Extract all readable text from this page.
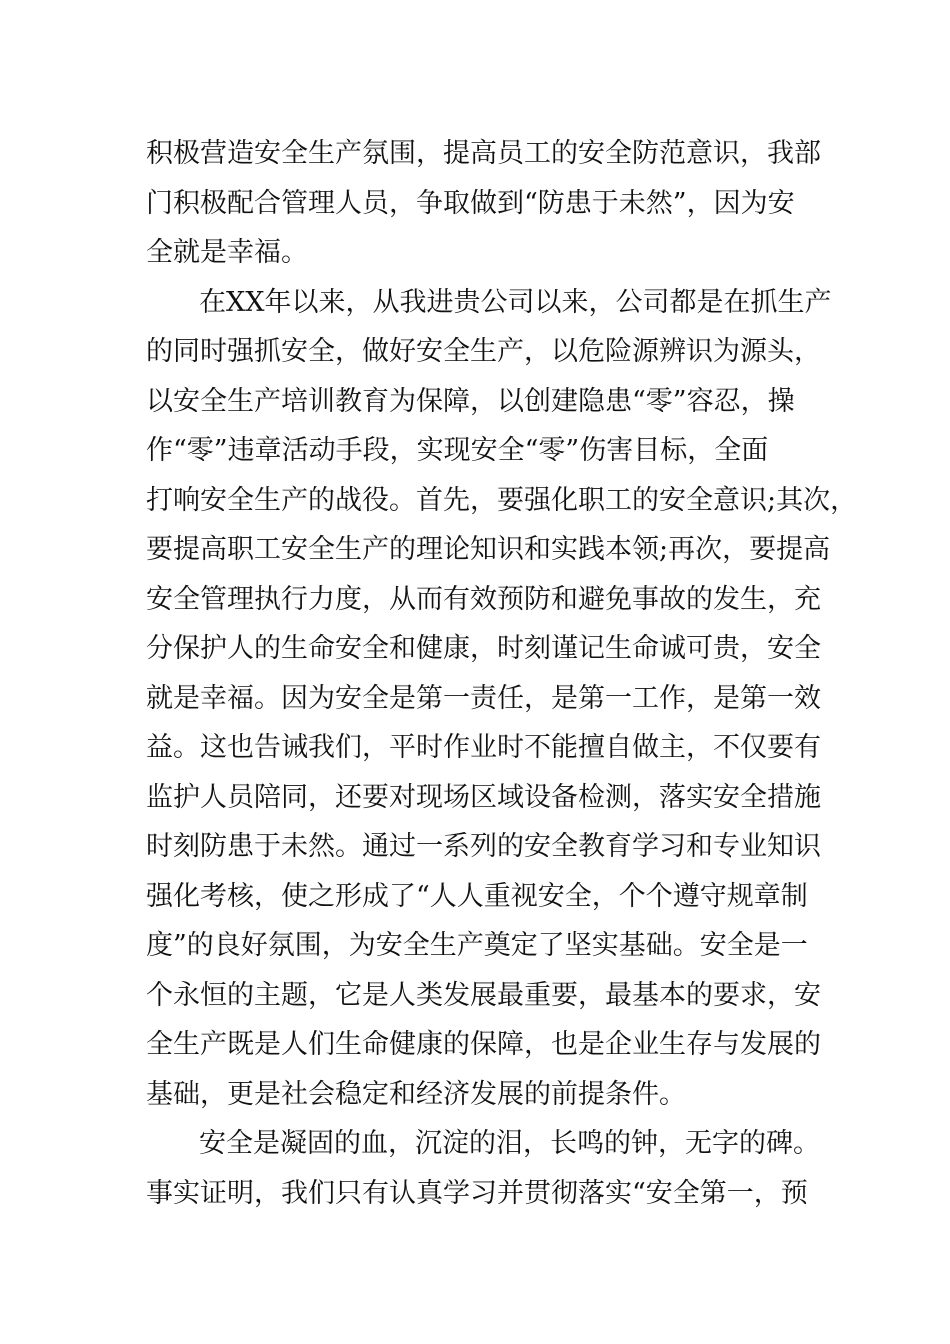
积极营造安全生产氛围，提高员工的安全防范意识，我部
门积极配合管理人员，争取做到“防患于未然”，因为安
全就是幸福。
在XX年以来，从我进贵公司以来，公司都是在抓生产
的同时强抓安全，做好安全生产，以危险源辨识为源头，
以安全生产培训教育为保障，以创建隐患“零”容忍，操
作“零”违章活动手段，实现安全“零”伤害目标，全面
打响安全生产的战役。首先，要强化职工的安全意识;其次，
要提高职工安全生产的理论知识和实践本领;再次，要提高
安全管理执行力度，从而有效预防和避免事故的发生，充
分保护人的生命安全和健康，时刻谨记生命诚可贵，安全
就是幸福。因为安全是第一责任，是第一工作，是第一效
益。这也告诫我们，平时作业时不能擅自做主，不仅要有
监护人员陪同，还要对现场区域设备检测，落实安全措施
时刻防患于未然。通过一系列的安全教育学习和专业知识
强化考核，使之形成了“人人重视安全，个个遵守规章制
度”的良好氛围，为安全生产奠定了坚实基础。安全是一
个永恒的主题，它是人类发展最重要，最基本的要求，安
全生产既是人们生命健康的保障，也是企业生存与发展的
基础，更是社会稳定和经济发展的前提条件。
安全是凝固的血，沉淀的泪，长鸣的钟，无字的碑。
事实证明，我们只有认真学习并贯彻落实“安全第一，预
